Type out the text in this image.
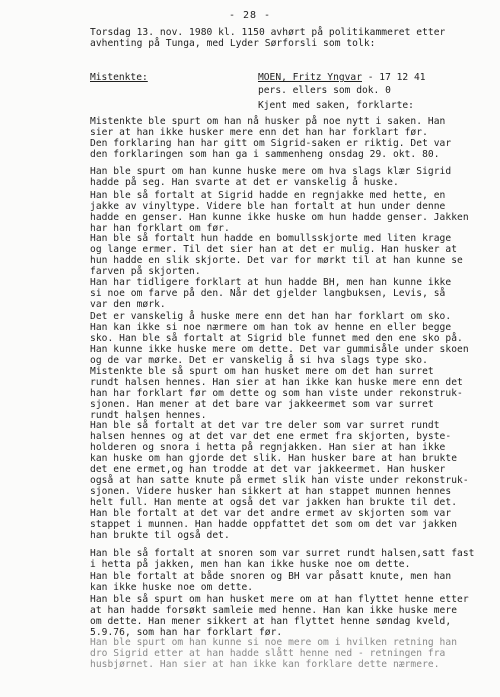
- 28 -
Torsdag 13. nov. 1980 kl. 1150 avhørt på politikammeret etter
avhenting på Tunga, med Lyder Sørforsli som tolk:
Mistenkte:	MOEN, Fritz Yngvar - 17 12 41
pers. ellers som dok. 0
Kjent med saken, forklarte:
Mistenkte ble spurt om han nå husker på noe nytt i saken. Han
sier at han ikke husker mere enn det han har forklart før.
Den forklaring han har gitt om Sigrid-saken er riktig. Det var
den forklaringen som han ga i sammenheng onsdag 29. okt. 80.
Han ble spurt om han kunne huske mere om hva slags klær Sigrid
hadde på seg. Han svarte at det er vanskelig å huske.
Han ble så fortalt at Sigrid hadde en regnjakke med hette, en
jakke av vinyltype. Videre ble han fortalt at hun under denne
hadde en genser. Han kunne ikke huske om hun hadde genser. Jakken
har han forklart om før.
Han ble så fortalt hun hadde en bomullsskjorte med liten krage
og lange ermer. Til det sier han at det er mulig. Han husker at
hun hadde en slik skjorte. Det var for mørkt til at han kunne se
farven på skjorten.
Han har tidligere forklart at hun hadde BH, men han kunne ikke
si noe om farve på den. Når det gjelder langbuksen, Levis, så
var den mørk.
Det er vanskelig å huske mere enn det han har forklart om sko.
Han kan ikke si noe nærmere om han tok av henne en eller begge
sko. Han ble så fortalt at Sigrid ble funnet med den ene sko på.
Han kunne ikke huske mere om dette. Det var gummisåle under skoen
og de var mørke. Det er vanskelig å si hva slags type sko.
Mistenkte ble så spurt om han husket mere om det han surret
rundt halsen hennes. Han sier at han ikke kan huske mere enn det
han har forklart før om dette og som han viste under rekonstruk-
sjonen. Han mener at det bare var jakkeermet som var surret
rundt halsen hennes.
Han ble så fortalt at det var tre deler som var surret rundt
halsen hennes og at det var det ene ermet fra skjorten, byste-
holderen og snora i hetta på regnjakken. Han sier at han ikke
kan huske om han gjorde det slik. Han husker bare at han brukte
det ene ermet,og han trodde at det var jakkeermet. Han husker
også at han satte knute på ermet slik han viste under rekonstruk-
sjonen. Videre husker han sikkert at han stappet munnen hennes
helt full. Han mente at også det var jakken han brukte til det.
Han ble fortalt at det var det andre ermet av skjorten som var
stappet i munnen. Han hadde oppfattet det som om det var jakken
han brukte til også det.
Han ble så fortalt at snoren som var surret rundt halsen,satt fast
i hetta på jakken, men han kan ikke huske noe om dette.
Han ble fortalt at både snoren og BH var påsatt knute, men han
kan ikke huske noe om dette.
Han ble så spurt om han husket mere om at han flyttet henne etter
at han hadde forsøkt samleie med henne. Han kan ikke huske mere
om dette. Han mener sikkert at han flyttet henne søndag kveld,
5.9.76, som han har forklart før.
Han ble spurt om han kunne si noe mere om i hvilken retning han
dro Sigrid etter at han hadde slått henne ned - retningen fra
husbjørnet. Han sier at han ikke kan forklare dette nærmere.
